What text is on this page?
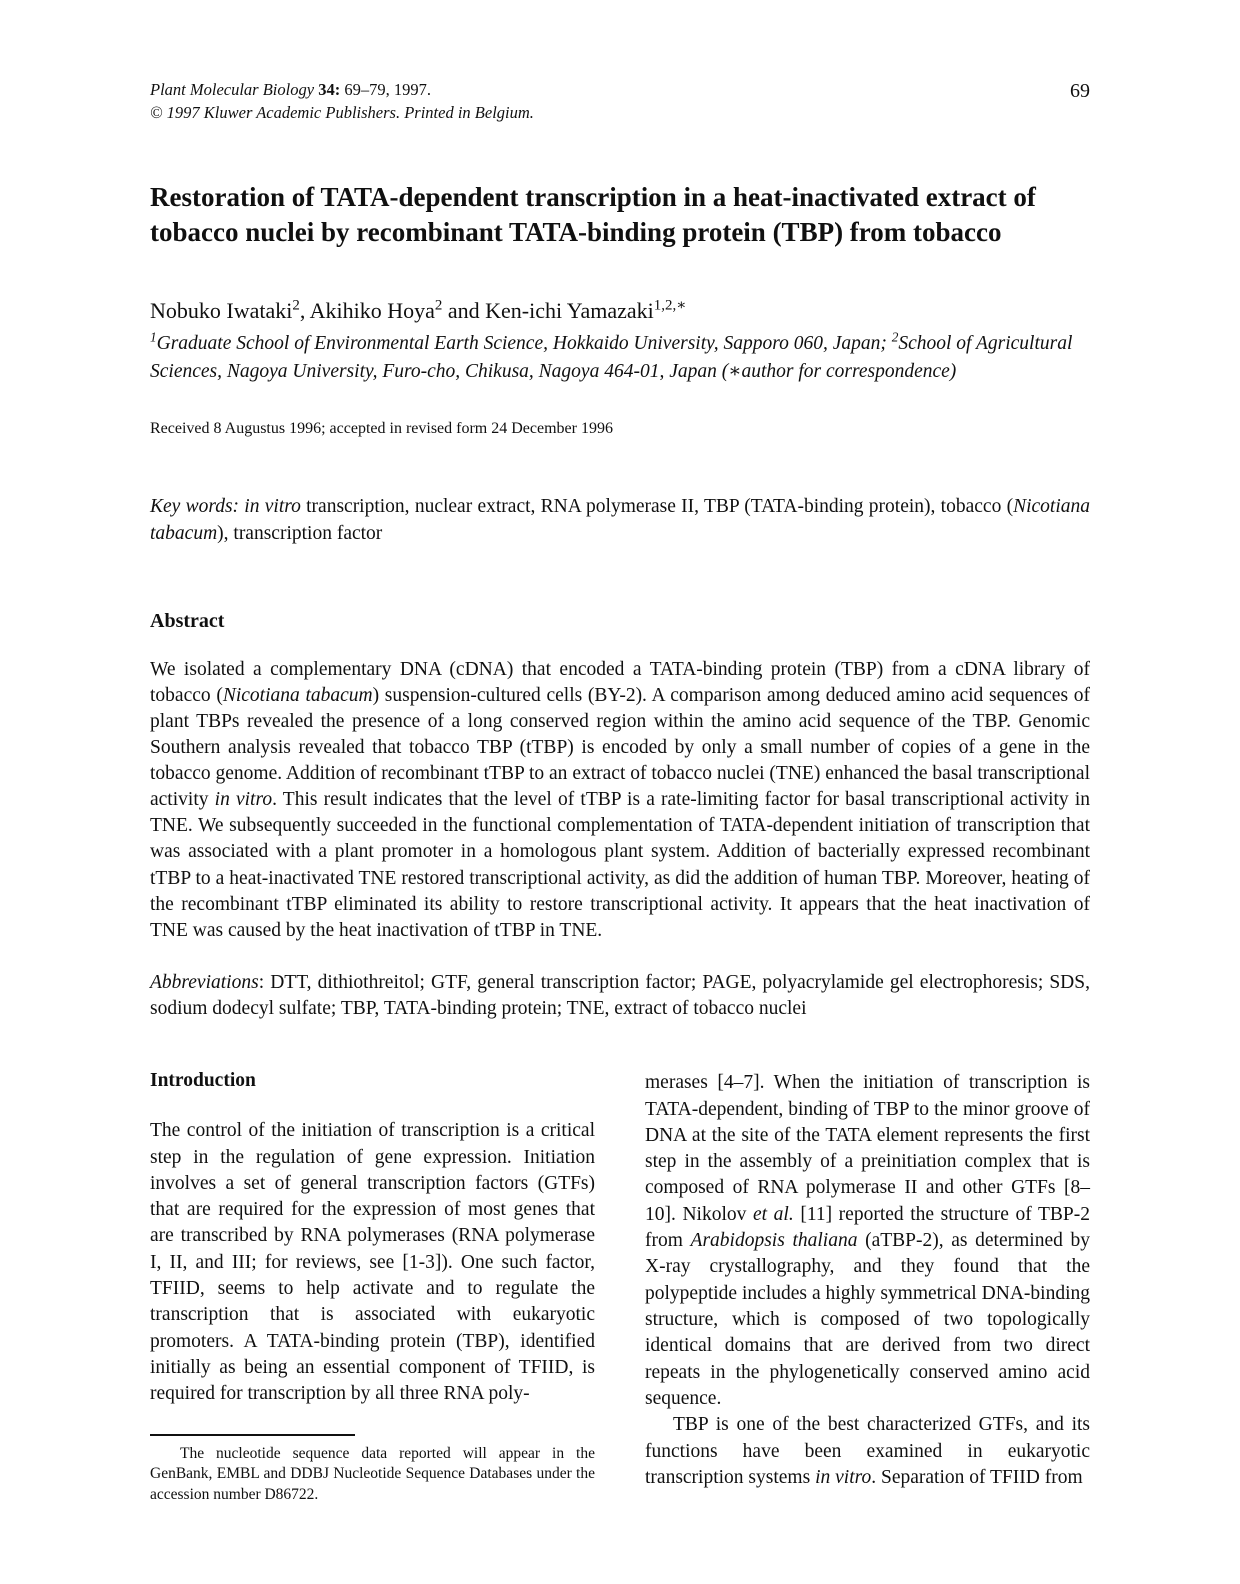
Plant Molecular Biology 34: 69–79, 1997.
© 1997 Kluwer Academic Publishers. Printed in Belgium.
69
Restoration of TATA-dependent transcription in a heat-inactivated extract of tobacco nuclei by recombinant TATA-binding protein (TBP) from tobacco
Nobuko Iwataki$^2$, Akihiko Hoya$^2$ and Ken-ichi Yamazaki$^{1,2,∗}$
$^1$Graduate School of Environmental Earth Science, Hokkaido University, Sapporo 060, Japan; $^2$School of Agricultural Sciences, Nagoya University, Furo-cho, Chikusa, Nagoya 464-01, Japan (∗author for correspondence)
Received 8 Augustus 1996; accepted in revised form 24 December 1996
Key words: in vitro transcription, nuclear extract, RNA polymerase II, TBP (TATA-binding protein), tobacco (Nicotiana tabacum), transcription factor
Abstract
We isolated a complementary DNA (cDNA) that encoded a TATA-binding protein (TBP) from a cDNA library of tobacco (Nicotiana tabacum) suspension-cultured cells (BY-2). A comparison among deduced amino acid sequences of plant TBPs revealed the presence of a long conserved region within the amino acid sequence of the TBP. Genomic Southern analysis revealed that tobacco TBP (tTBP) is encoded by only a small number of copies of a gene in the tobacco genome. Addition of recombinant tTBP to an extract of tobacco nuclei (TNE) enhanced the basal transcriptional activity in vitro. This result indicates that the level of tTBP is a rate-limiting factor for basal transcriptional activity in TNE. We subsequently succeeded in the functional complementation of TATA-dependent initiation of transcription that was associated with a plant promoter in a homologous plant system. Addition of bacterially expressed recombinant tTBP to a heat-inactivated TNE restored transcriptional activity, as did the addition of human TBP. Moreover, heating of the recombinant tTBP eliminated its ability to restore transcriptional activity. It appears that the heat inactivation of TNE was caused by the heat inactivation of tTBP in TNE.
Abbreviations: DTT, dithiothreitol; GTF, general transcription factor; PAGE, polyacrylamide gel electrophoresis; SDS, sodium dodecyl sulfate; TBP, TATA-binding protein; TNE, extract of tobacco nuclei
Introduction

The control of the initiation of transcription is a critical step in the regulation of gene expression. Initiation involves a set of general transcription factors (GTFs) that are required for the expression of most genes that are transcribed by RNA polymerases (RNA polymerase I, II, and III; for reviews, see [1-3]). One such factor, TFIID, seems to help activate and to regulate the transcription that is associated with eukaryotic promoters. A TATA-binding protein (TBP), identified initially as being an essential component of TFIID, is required for transcription by all three RNA poly-

The nucleotide sequence data reported will appear in the GenBank, EMBL and DDBJ Nucleotide Sequence Databases under the accession number D86722.

merases [4–7]. When the initiation of transcription is TATA-dependent, binding of TBP to the minor groove of DNA at the site of the TATA element represents the first step in the assembly of a preinitiation complex that is composed of RNA polymerase II and other GTFs [8–10]. Nikolov et al. [11] reported the structure of TBP-2 from Arabidopsis thaliana (aTBP-2), as determined by X-ray crystallography, and they found that the polypeptide includes a highly symmetrical DNA-binding structure, which is composed of two topologically identical domains that are derived from two direct repeats in the phylogenetically conserved amino acid sequence.

TBP is one of the best characterized GTFs, and its functions have been examined in eukaryotic transcription systems in vitro. Separation of TFIID from
